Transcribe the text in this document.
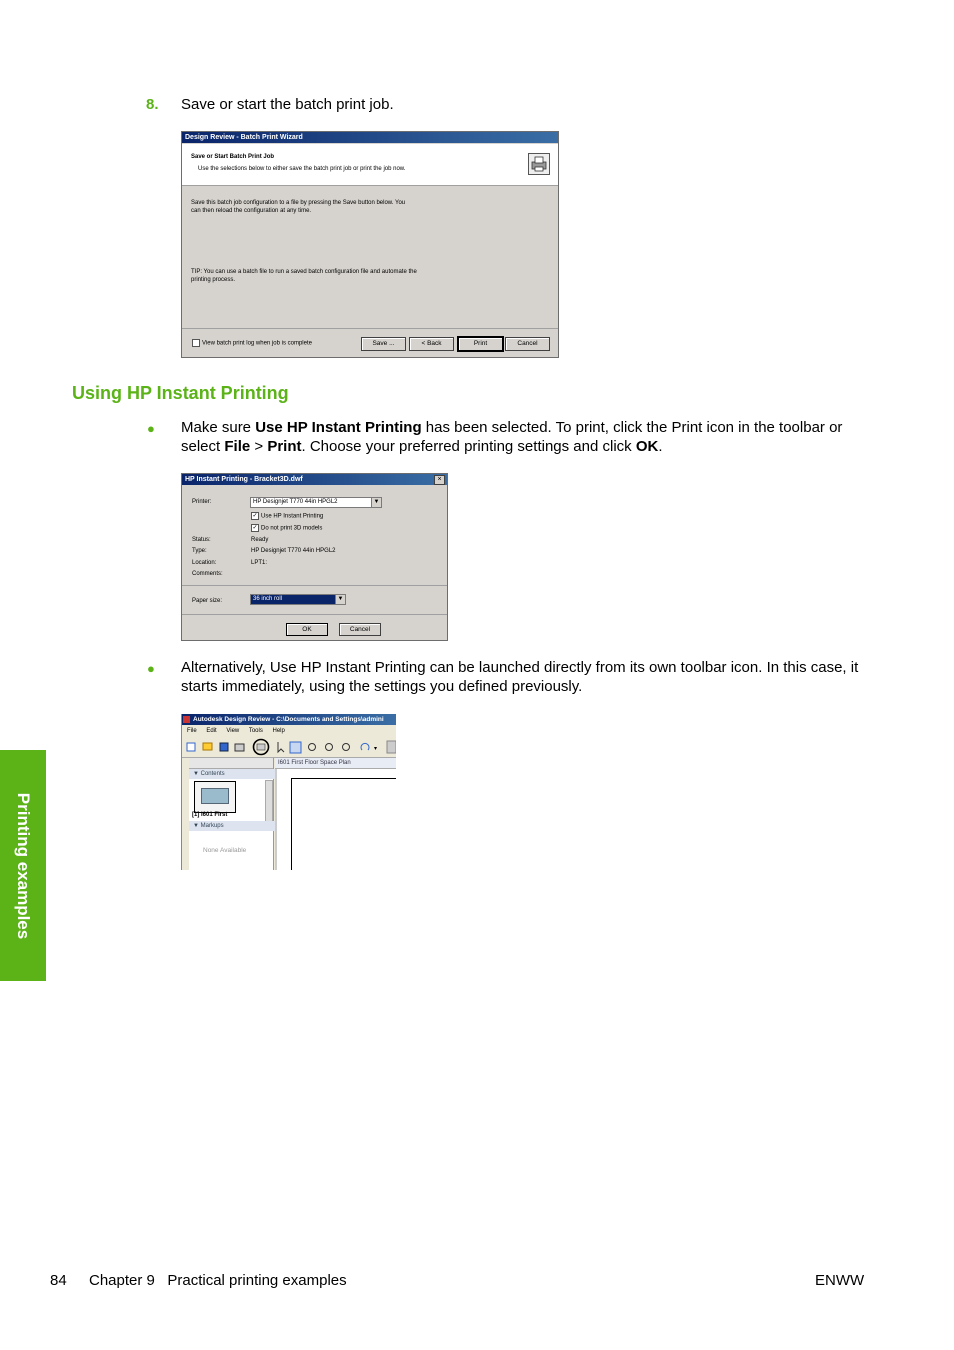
8. Save or start the batch print job.
Design Review - Batch Print Wizard
Save or Start Batch Print Job
Use the selections below to either save the batch print job or print the job now.
Save this batch job configuration to a file by pressing the Save button below. You
can then reload the configuration at any time.
TIP: You can use a batch file to run a saved batch configuration file and automate the
printing process.
View batch print log when job is complete	Save ...	< Back	Print	Cancel
Using HP Instant Printing
● Make sure Use HP Instant Printing has been selected. To print, click the Print icon in the toolbar or select File > Print. Choose your preferred printing settings and click OK.
HP Instant Printing - Bracket3D.dwf	×
Printer:	HP Designjet T770 44in HPGL2	▼
✓ Use HP Instant Printing
✓ Do not print 3D models
Status:	Ready
Type:	HP Designjet T770 44in HPGL2
Location:	LPT1:
Comments:
Paper size:	36 inch roll	▼
OK	Cancel
● Alternatively, Use HP Instant Printing can be launched directly from its own toolbar icon. In this case, it starts immediately, using the settings you defined previously.
Autodesk Design Review - C:\Documents and Settings\admini
File Edit View Tools Help
▾
▼ Contents
[1] I601 First
▼ Markups
None Available
I601 First Floor Space Plan
Printing examples
84 Chapter 9   Practical printing examples	ENWW
